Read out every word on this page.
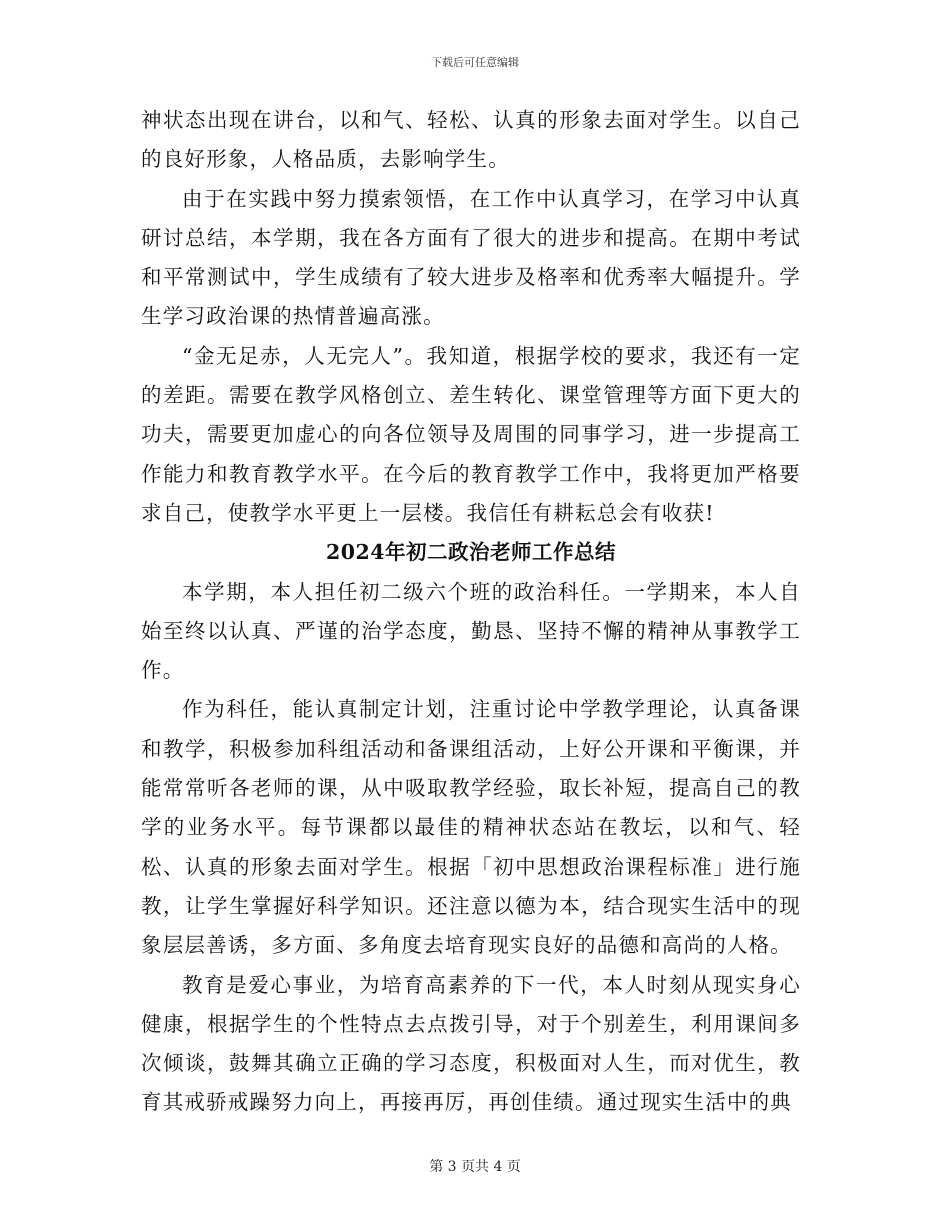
下载后可任意编辑

神状态出现在讲台，以和气、轻松、认真的形象去面对学生。以自己的良好形象，人格品质，去影响学生。

由于在实践中努力摸索领悟，在工作中认真学习，在学习中认真研讨总结，本学期，我在各方面有了很大的进步和提高。在期中考试和平常测试中，学生成绩有了较大进步及格率和优秀率大幅提升。学生学习政治课的热情普遍高涨。

“金无足赤，人无完人”。我知道，根据学校的要求，我还有一定的差距。需要在教学风格创立、差生转化、课堂管理等方面下更大的功夫，需要更加虚心的向各位领导及周围的同事学习，进一步提高工作能力和教育教学水平。在今后的教育教学工作中，我将更加严格要求自己，使教学水平更上一层楼。我信任有耕耘总会有收获!

2024年初二政治老师工作总结

本学期，本人担任初二级六个班的政治科任。一学期来，本人自始至终以认真、严谨的治学态度，勤恳、坚持不懈的精神从事教学工作。

作为科任，能认真制定计划，注重讨论中学教学理论，认真备课和教学，积极参加科组活动和备课组活动，上好公开课和平衡课，并能常常听各老师的课，从中吸取教学经验，取长补短，提高自己的教学的业务水平。每节课都以最佳的精神状态站在教坛，以和气、轻松、认真的形象去面对学生。根据「初中思想政治课程标准」进行施教，让学生掌握好科学知识。还注意以德为本，结合现实生活中的现象层层善诱，多方面、多角度去培育现实良好的品德和高尚的人格。

教育是爱心事业，为培育高素养的下一代，本人时刻从现实身心健康，根据学生的个性特点去点拨引导，对于个别差生，利用课间多次倾谈，鼓舞其确立正确的学习态度，积极面对人生，而对优生，教育其戒骄戒躁努力向上，再接再厉，再创佳绩。通过现实生活中的典

第 3 页共 4 页
